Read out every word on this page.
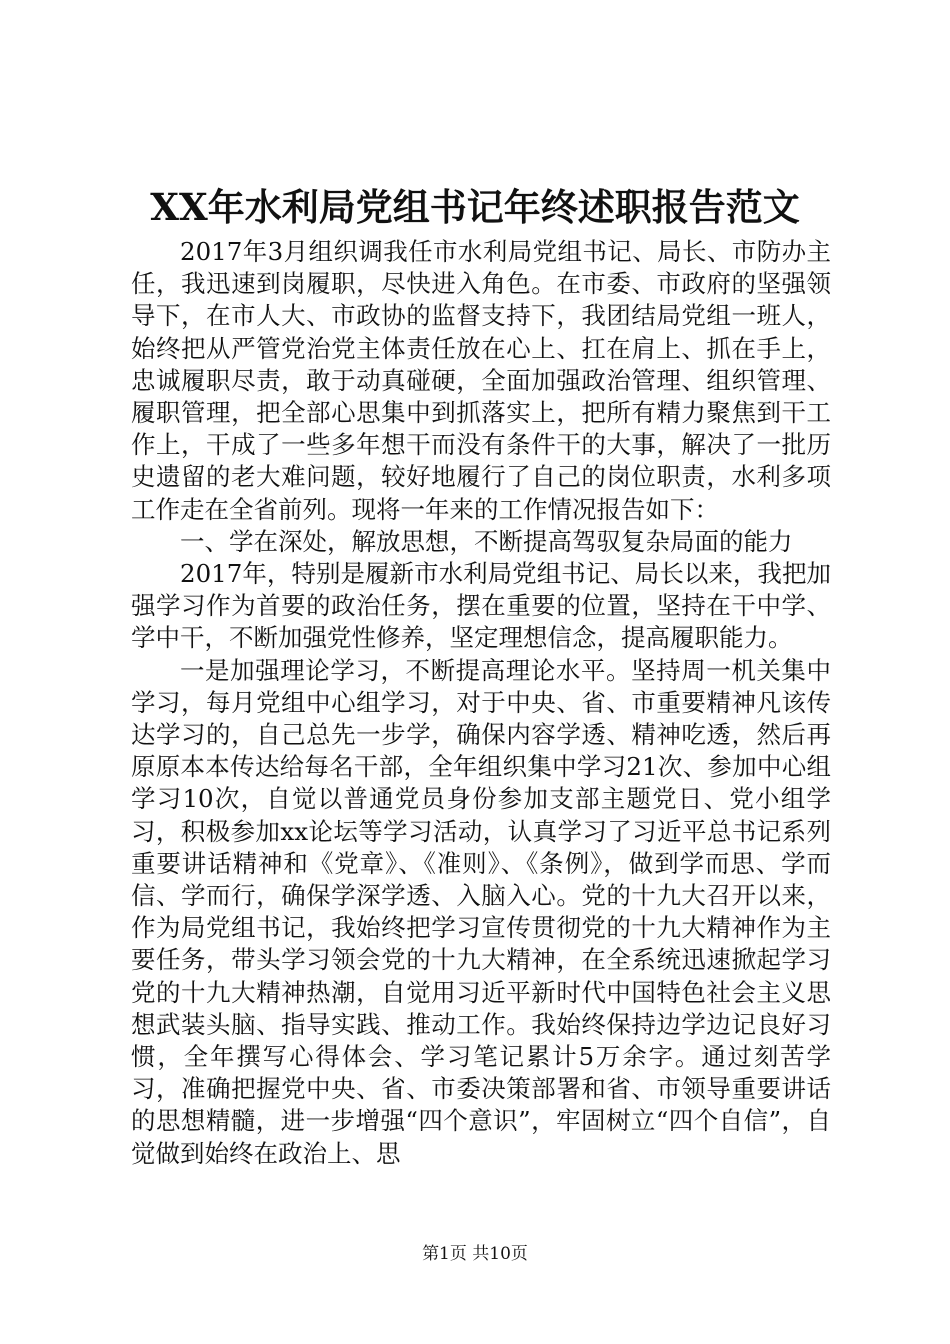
XX年水利局党组书记年终述职报告范文

2017年3月组织调我任市水利局党组书记、局长、市防办主任，我迅速到岗履职，尽快进入角色。在市委、市政府的坚强领导下，在市人大、市政协的监督支持下，我团结局党组一班人，始终把从严管党治党主体责任放在心上、扛在肩上、抓在手上，忠诚履职尽责，敢于动真碰硬，全面加强政治管理、组织管理、履职管理，把全部心思集中到抓落实上，把所有精力聚焦到干工作上，干成了一些多年想干而没有条件干的大事，解决了一批历史遗留的老大难问题，较好地履行了自己的岗位职责，水利多项工作走在全省前列。现将一年来的工作情况报告如下：

一、学在深处，解放思想，不断提高驾驭复杂局面的能力

2017年，特别是履新市水利局党组书记、局长以来，我把加强学习作为首要的政治任务，摆在重要的位置，坚持在干中学、学中干，不断加强党性修养，坚定理想信念，提高履职能力。

一是加强理论学习，不断提高理论水平。坚持周一机关集中学习，每月党组中心组学习，对于中央、省、市重要精神凡该传达学习的，自己总先一步学，确保内容学透、精神吃透，然后再原原本本传达给每名干部，全年组织集中学习21次、参加中心组学习10次，自觉以普通党员身份参加支部主题党日、党小组学习，积极参加xx论坛等学习活动，认真学习了习近平总书记系列重要讲话精神和《党章》、《准则》、《条例》，做到学而思、学而信、学而行，确保学深学透、入脑入心。党的十九大召开以来，作为局党组书记，我始终把学习宣传贯彻党的十九大精神作为主要任务，带头学习领会党的十九大精神，在全系统迅速掀起学习党的十九大精神热潮，自觉用习近平新时代中国特色社会主义思想武装头脑、指导实践、推动工作。我始终保持边学边记良好习惯，全年撰写心得体会、学习笔记累计5万余字。通过刻苦学习，准确把握党中央、省、市委决策部署和省、市领导重要讲话的思想精髓，进一步增强“四个意识”，牢固树立“四个自信”，自觉做到始终在政治上、思

第1页 共10页
